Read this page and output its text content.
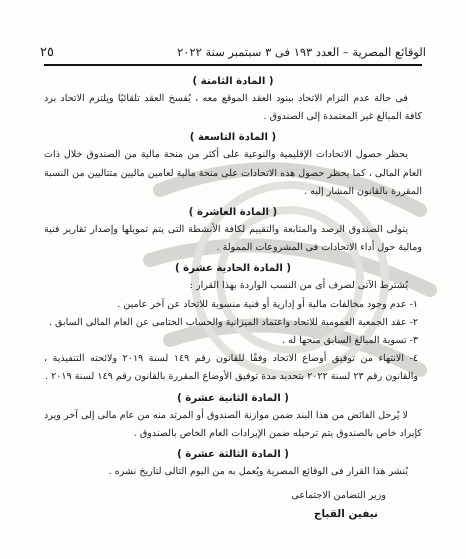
الوقائع المصرية – العدد ١٩٣ فى ٣ سبتمبر سنة ٢٠٢٢
٢٥
( المادة الثامنة )

فى حالة عدم التزام الاتحاد ببنود العقد الموقع معه ، يُفسخ العقد تلقائيًا ويلتزم الاتحاد برد كافة المبالغ غير المعتمدة إلى الصندوق .

( المادة التاسعة )

يحظر حصول الاتحادات الإقليمية والنوعية على أكثر من منحة مالية من الصندوق خلال ذات العام المالى ، كما يحظر حصول هذه الاتحادات على منحة مالية لعامين ماليين متتاليين من النسبة المقررة بالقانون المشار إليه .

( المادة العاشرة )

يتولى الصندوق الرصد والمتابعة والتقييم لكافة الأنشطة التى يتم تمويلها وإصدار تقارير فنية ومالية حول أداء الاتحادات فى المشروعات الممولة .

( المادة الحادية عشرة )

يُشترط الآتى لصرف أى من النسب الواردة بهذا القرار :

١- عدم وجود مخالفات مالية أو إدارية أو فنية منسوبة للاتحاد عن آخر عامين .

٢- عقد الجمعية العمومية للاتحاد واعتماد الميزانية والحساب الختامى عن العام المالى السابق .

٣- تسوية المبالغ السابق منحها له .

٤- الانتهاء من توفيق أوضاع الاتحاد وفقًا للقانون رقم ١٤٩ لسنة ٢٠١٩ ولائحته التنفيذية ، والقانون رقم ٢٣ لسنة ٢٠٢٢ بتحديد مدة توفيق الأوضاع المقررة بالقانون رقم ١٤٩ لسنة ٢٠١٩ .

( المادة الثانية عشرة )

لا يُرحل الفائض من هذا البند ضمن موازنة الصندوق أو المرتد منه من عام مالى إلى آخر ويرد كإيراد خاص بالصندوق يتم ترحيله ضمن الإيرادات العام الخاص بالصندوق .

( المادة الثالثة عشرة )

يُنشر هذا القرار فى الوقائع المصرية ويُعمل به من اليوم التالى لتاريخ نشره .

وزير التضامن الاجتماعى
نيفين القباج
